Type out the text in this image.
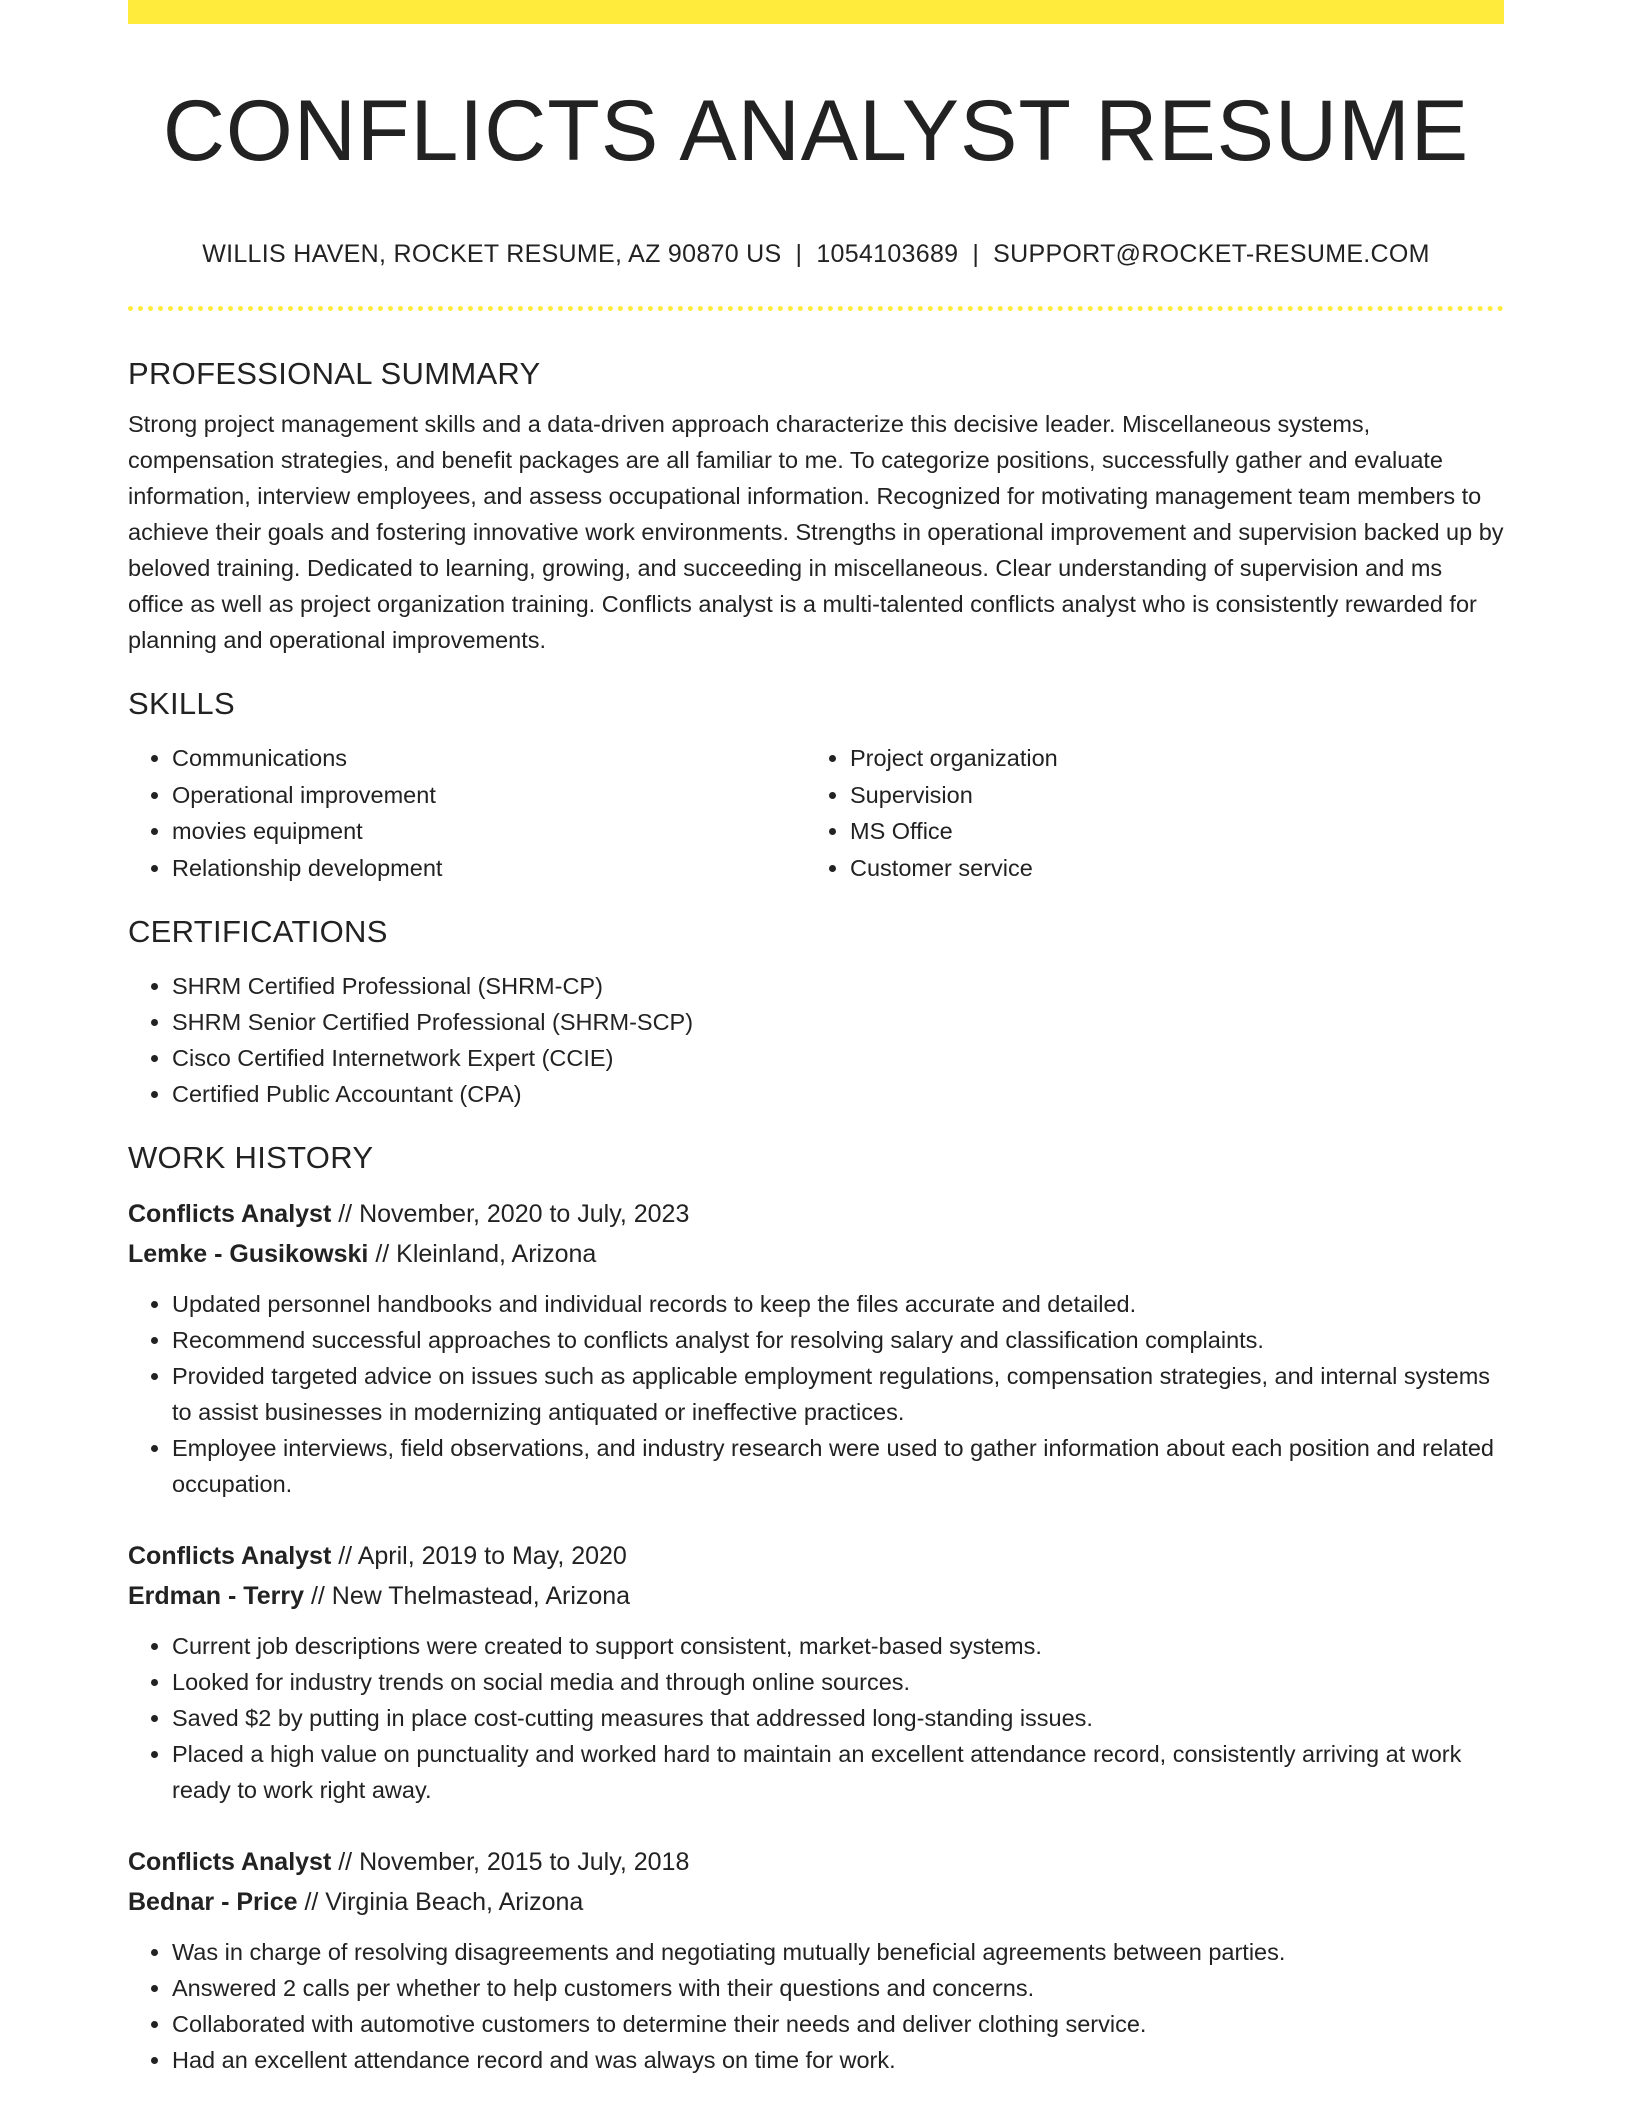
CONFLICTS ANALYST RESUME
WILLIS HAVEN, ROCKET RESUME, AZ 90870 US | 1054103689 | SUPPORT@ROCKET-RESUME.COM
PROFESSIONAL SUMMARY

Strong project management skills and a data-driven approach characterize this decisive leader. Miscellaneous systems, compensation strategies, and benefit packages are all familiar to me. To categorize positions, successfully gather and evaluate information, interview employees, and assess occupational information. Recognized for motivating management team members to achieve their goals and fostering innovative work environments. Strengths in operational improvement and supervision backed up by beloved training. Dedicated to learning, growing, and succeeding in miscellaneous. Clear understanding of supervision and ms office as well as project organization training. Conflicts analyst is a multi-talented conflicts analyst who is consistently rewarded for planning and operational improvements.

SKILLS
• Communications
• Operational improvement
• movies equipment
• Relationship development
• Project organization
• Supervision
• MS Office
• Customer service
CERTIFICATIONS
• SHRM Certified Professional (SHRM-CP)
• SHRM Senior Certified Professional (SHRM-SCP)
• Cisco Certified Internetwork Expert (CCIE)
• Certified Public Accountant (CPA)
WORK HISTORY
Conflicts Analyst // November, 2020 to July, 2023
Lemke - Gusikowski // Kleinland, Arizona
• Updated personnel handbooks and individual records to keep the files accurate and detailed.
• Recommend successful approaches to conflicts analyst for resolving salary and classification complaints.
• Provided targeted advice on issues such as applicable employment regulations, compensation strategies, and internal systems to assist businesses in modernizing antiquated or ineffective practices.
• Employee interviews, field observations, and industry research were used to gather information about each position and related occupation.
Conflicts Analyst // April, 2019 to May, 2020
Erdman - Terry // New Thelmastead, Arizona
• Current job descriptions were created to support consistent, market-based systems.
• Looked for industry trends on social media and through online sources.
• Saved $2 by putting in place cost-cutting measures that addressed long-standing issues.
• Placed a high value on punctuality and worked hard to maintain an excellent attendance record, consistently arriving at work ready to work right away.
Conflicts Analyst // November, 2015 to July, 2018
Bednar - Price // Virginia Beach, Arizona
• Was in charge of resolving disagreements and negotiating mutually beneficial agreements between parties.
• Answered 2 calls per whether to help customers with their questions and concerns.
• Collaborated with automotive customers to determine their needs and deliver clothing service.
• Had an excellent attendance record and was always on time for work.
